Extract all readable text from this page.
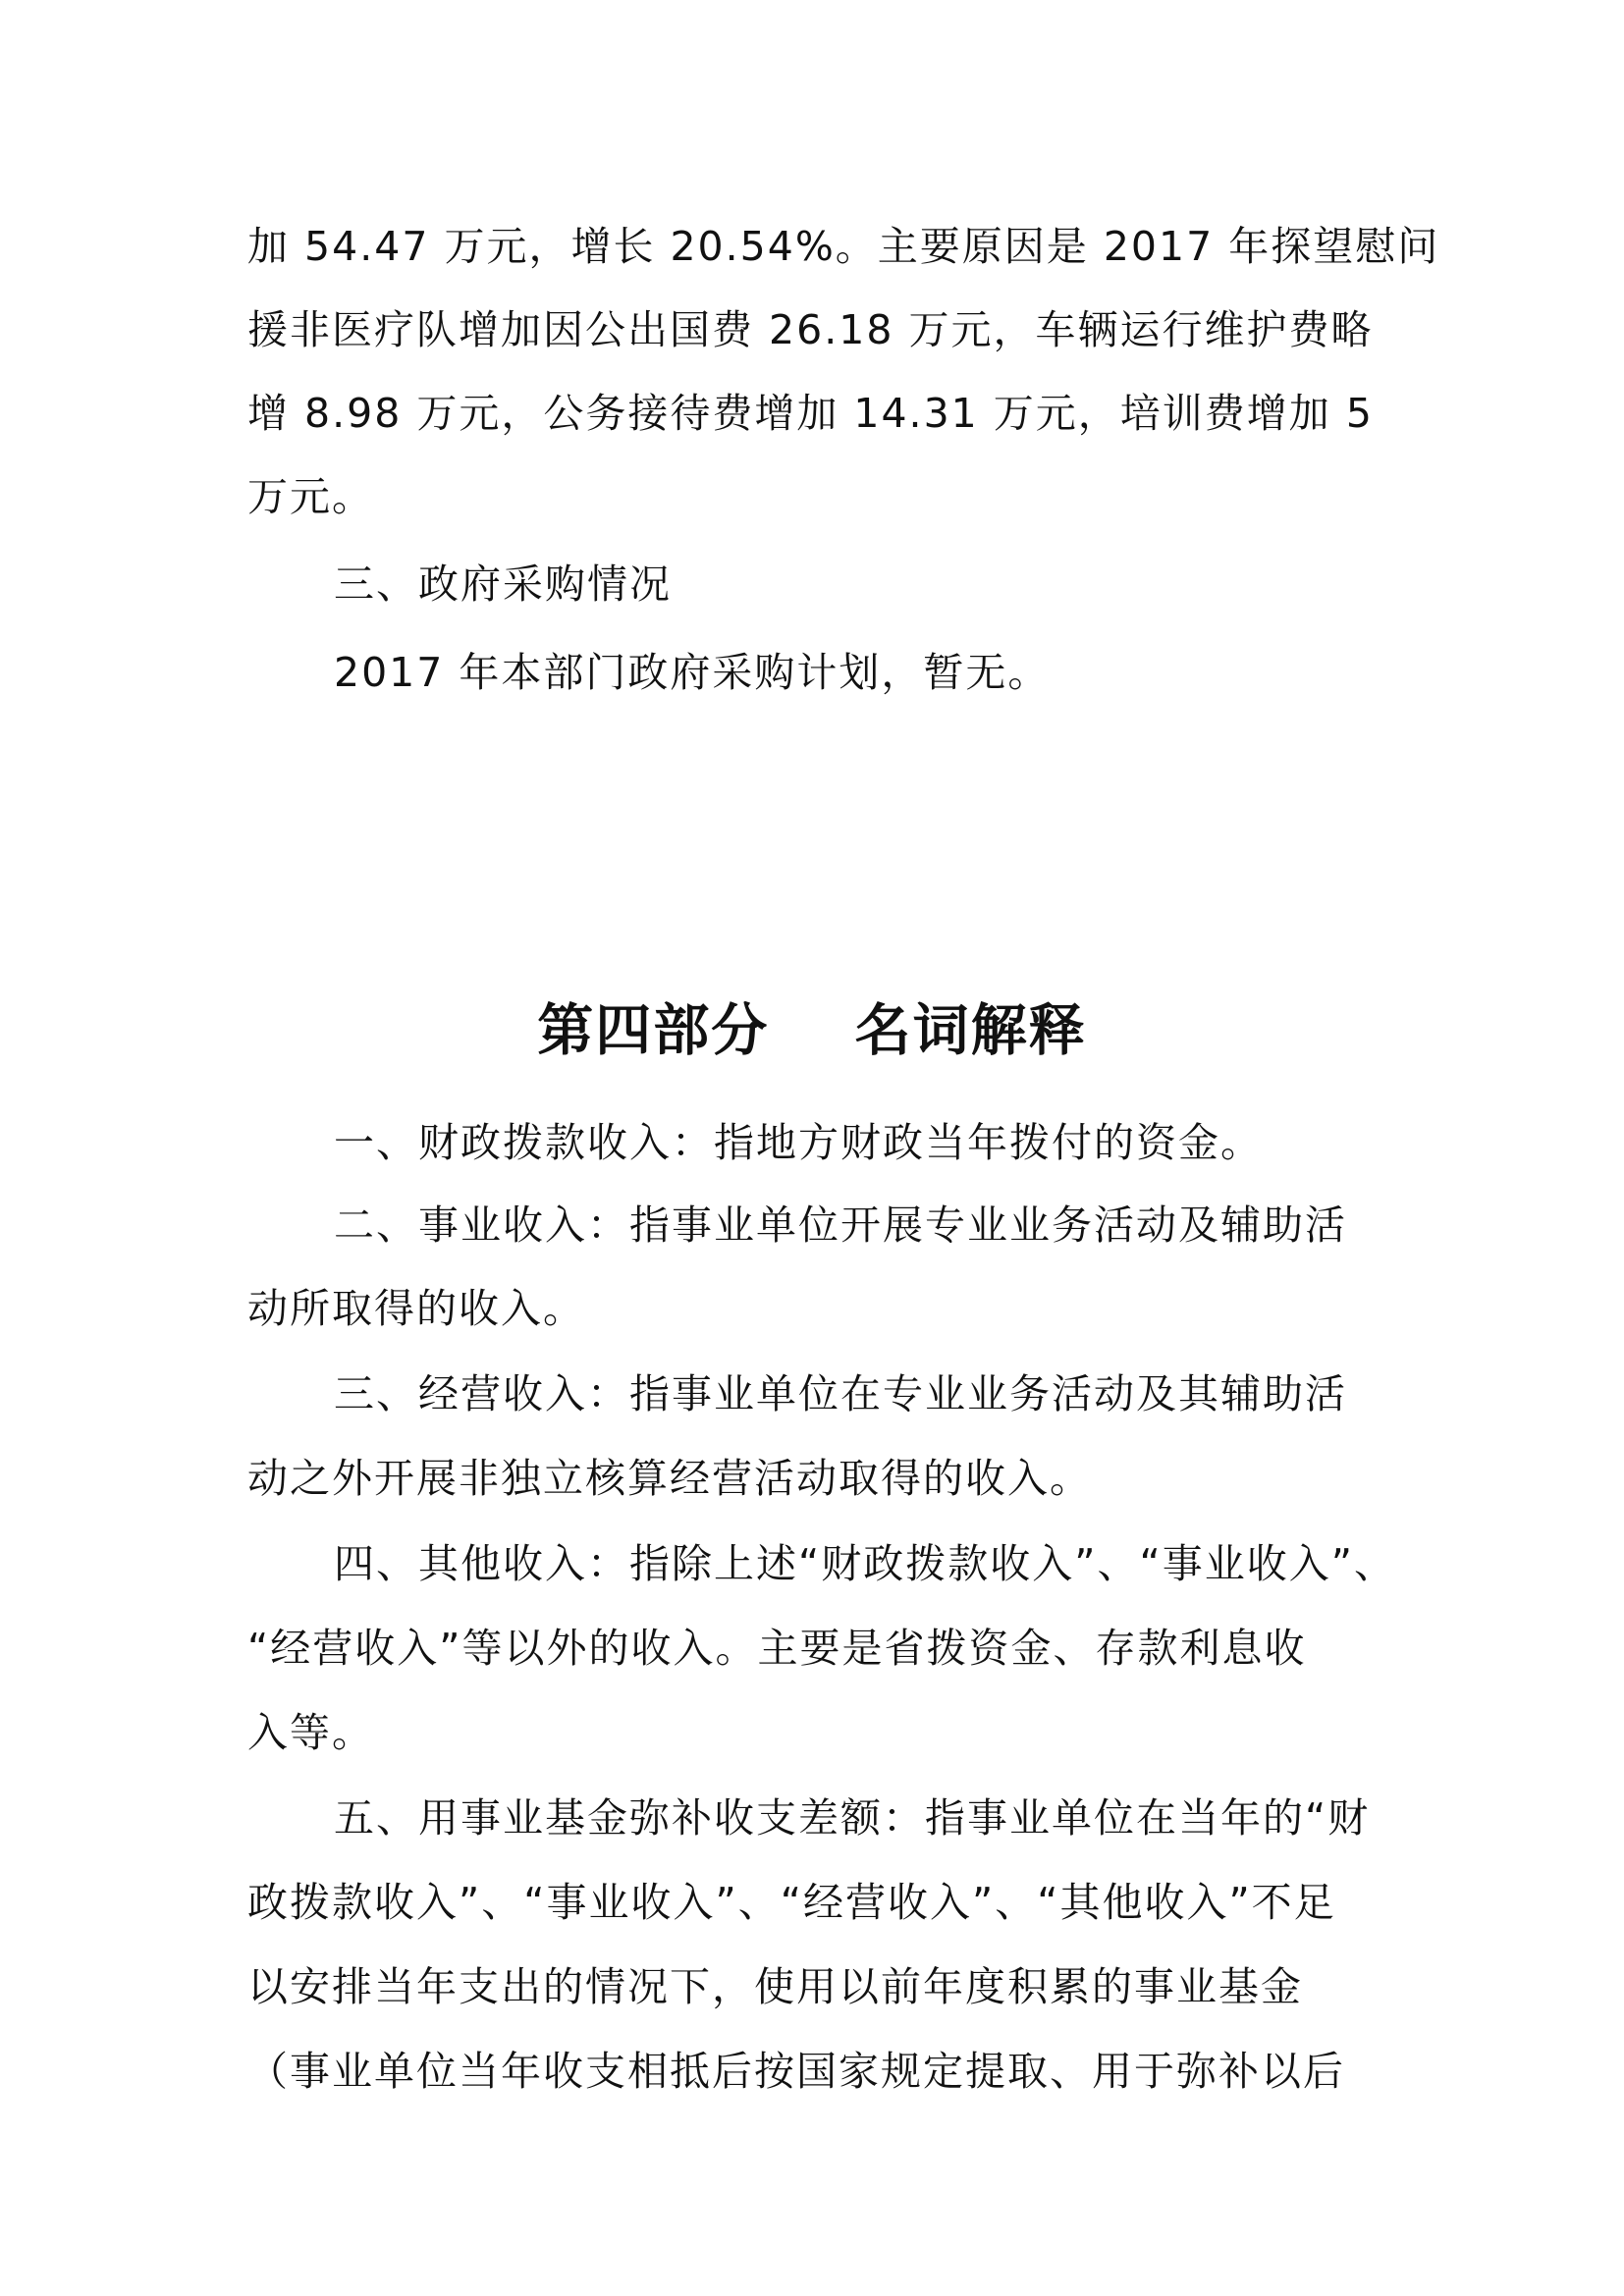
加 54.47 万元，增长 20.54%。主要原因是 2017 年探望慰问
援非医疗队增加因公出国费 26.18 万元，车辆运行维护费略
增 8.98 万元，公务接待费增加 14.31 万元，培训费增加 5
万元。
三、政府采购情况
2017 年本部门政府采购计划，暂无。
第四部分    名词解释
一、财政拨款收入：指地方财政当年拨付的资金。
二、事业收入：指事业单位开展专业业务活动及辅助活
动所取得的收入。
三、经营收入：指事业单位在专业业务活动及其辅助活
动之外开展非独立核算经营活动取得的收入。
四、其他收入：指除上述“财政拨款收入”、“事业收入”、
“经营收入”等以外的收入。主要是省拨资金、存款利息收
入等。
五、用事业基金弥补收支差额：指事业单位在当年的“财
政拨款收入”、“事业收入”、“经营收入”、“其他收入”不足
以安排当年支出的情况下，使用以前年度积累的事业基金
（事业单位当年收支相抵后按国家规定提取、用于弥补以后
